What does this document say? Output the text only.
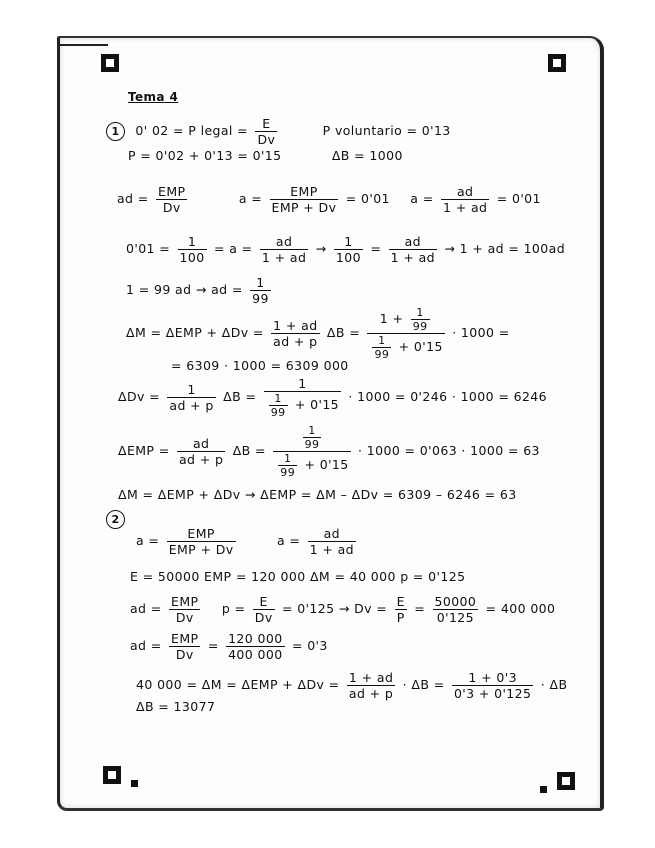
Tema 4
1 0' 02 = P legal = $\frac{E}{Dv}$	P voluntario = 0'13
P = 0'02 + 0'13 = 0'15	ΔB = 1000
ad = $\frac{\text{EMP}}{Dv}$	$a = \frac{\text{EMP}}{\text{EMP + Dv}} = 0'01$ $a = \frac{ad}{1 + ad} = 0'01$
$0'01 = \frac{1}{100} = a = \frac{ad}{1 + ad} \to \frac{1}{100} = \frac{ad}{1 + ad} \to 1$ + ad = 100ad
1 = 99 ad → ad = $\frac{1}{99}$
$\Delta M = \Delta EMP + \Delta Dv = \frac{1 + ad}{ad + p}$ $\Delta B = \frac{1 + \frac{1}{99}}{\frac{1}{99} + 0'15} \cdot 1000$ =
= 6309 · 1000 = 6309 000
$\Delta Dv = \frac{1}{ad + p}$ $\Delta B = \frac{1}{\frac{1}{99} + 0'15} \cdot 1000 = 0'246 \cdot 1000 = 6246$
$\Delta EMP = \frac{ad}{ad + p}$ $\Delta B = \frac{\frac{1}{99}}{\frac{1}{99} + 0'15} \cdot 1000 = 0'063 \cdot 1000 = 63$
ΔM = ΔEMP + ΔDv → ΔEMP = ΔM – ΔDv = 6309 – 6246 = 63
2
$a = \frac{\text{EMP}}{\text{EMP + Dv}}$	$a = \frac{ad}{1 + ad}$
E = 50000 EMP = 120 000 ΔM = 40 000 p = 0'125
ad = $\frac{\text{EMP}}{Dv}$ $p = \frac{E}{Dv} = 0'125 \to Dv = \frac{E}{P} = \frac{50000}{0'125} = 400$ 000
ad = $\frac{\text{EMP}}{Dv} = \frac{120 000}{400 000} = 0'3$
40 $000 = \Delta M = \Delta EMP + \Delta Dv = \frac{1 + ad}{ad + p} \cdot \Delta B = \frac{1 + 0'3}{0'3 + 0'125} \cdot \Delta B$
ΔB = 13077
